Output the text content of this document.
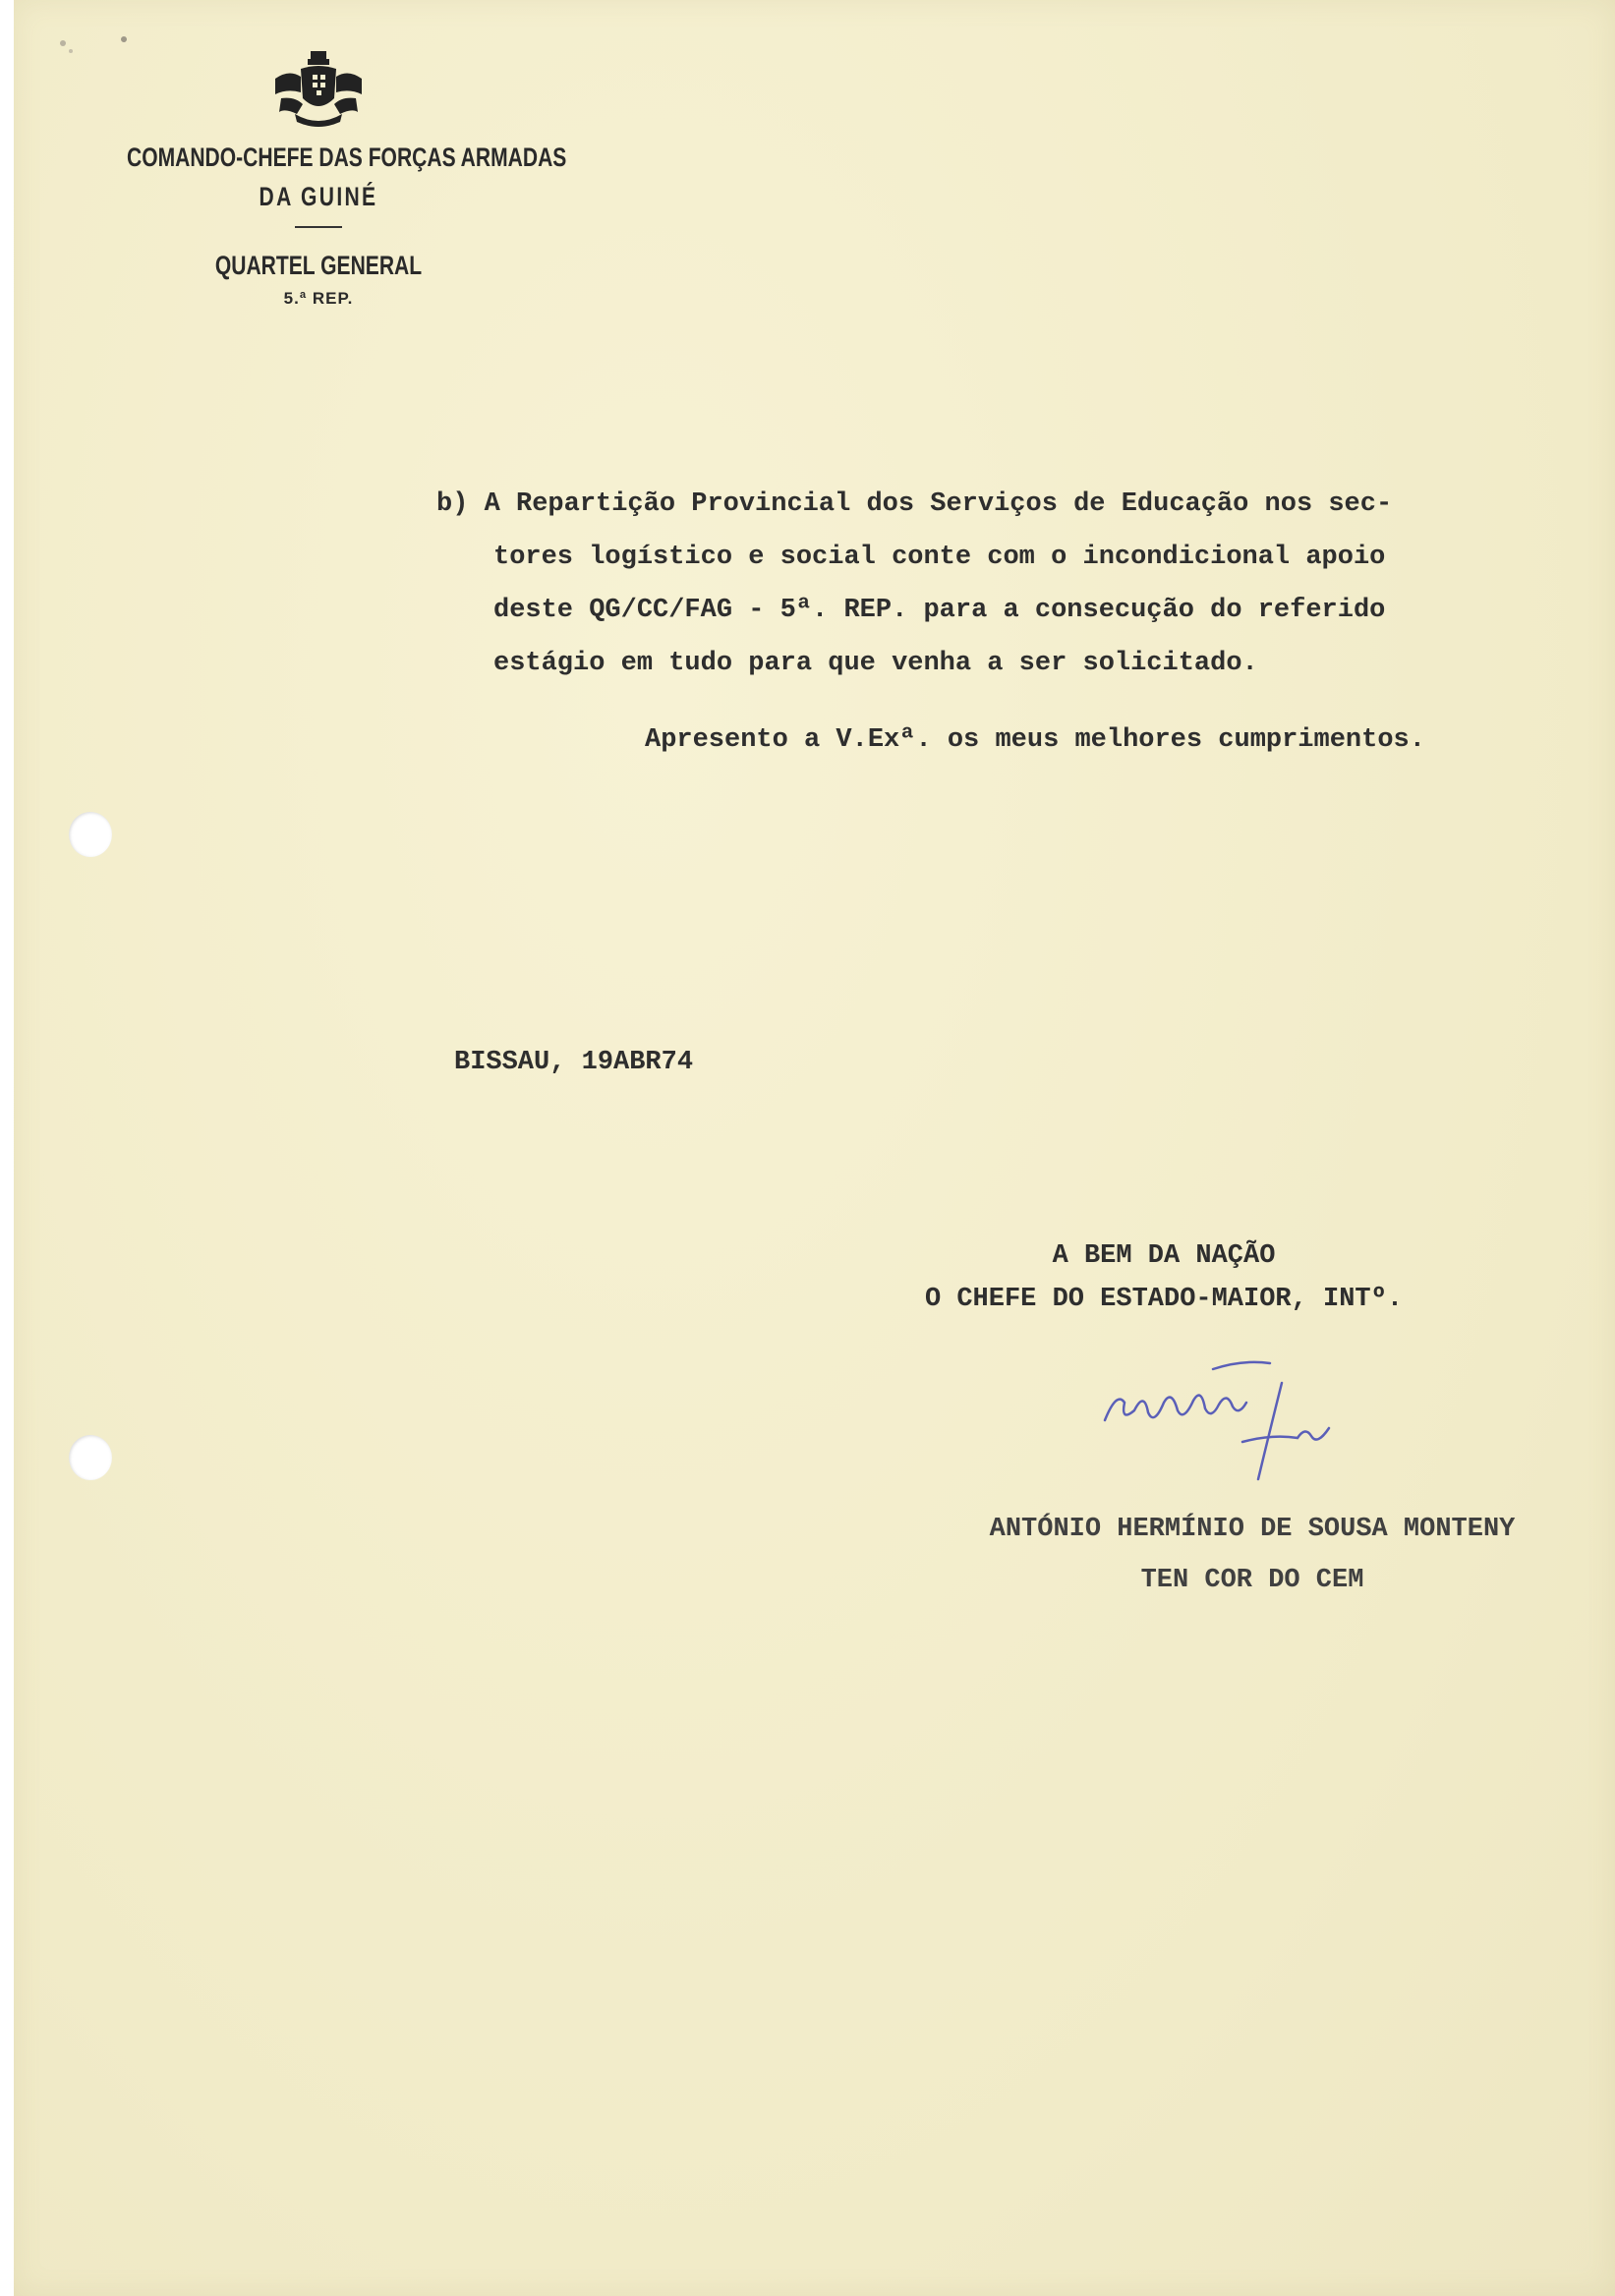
COMANDO-CHEFE DAS FORÇAS ARMADAS
DA GUINÉ
QUARTEL GENERAL
5.ª REP.
b) A Repartição Provincial dos Serviços de Educação nos sec-
tores logístico e social conte com o incondicional apoio
deste QG/CC/FAG - 5ª. REP. para a consecução do referido
estágio em tudo para que venha a ser solicitado.
Apresento a V.Exª. os meus melhores cumprimentos.
BISSAU, 19ABR74
A BEM DA NAÇÃO
O CHEFE DO ESTADO-MAIOR, INTº.
ANTÓNIO HERMÍNIO DE SOUSA MONTENY
TEN COR DO CEM
